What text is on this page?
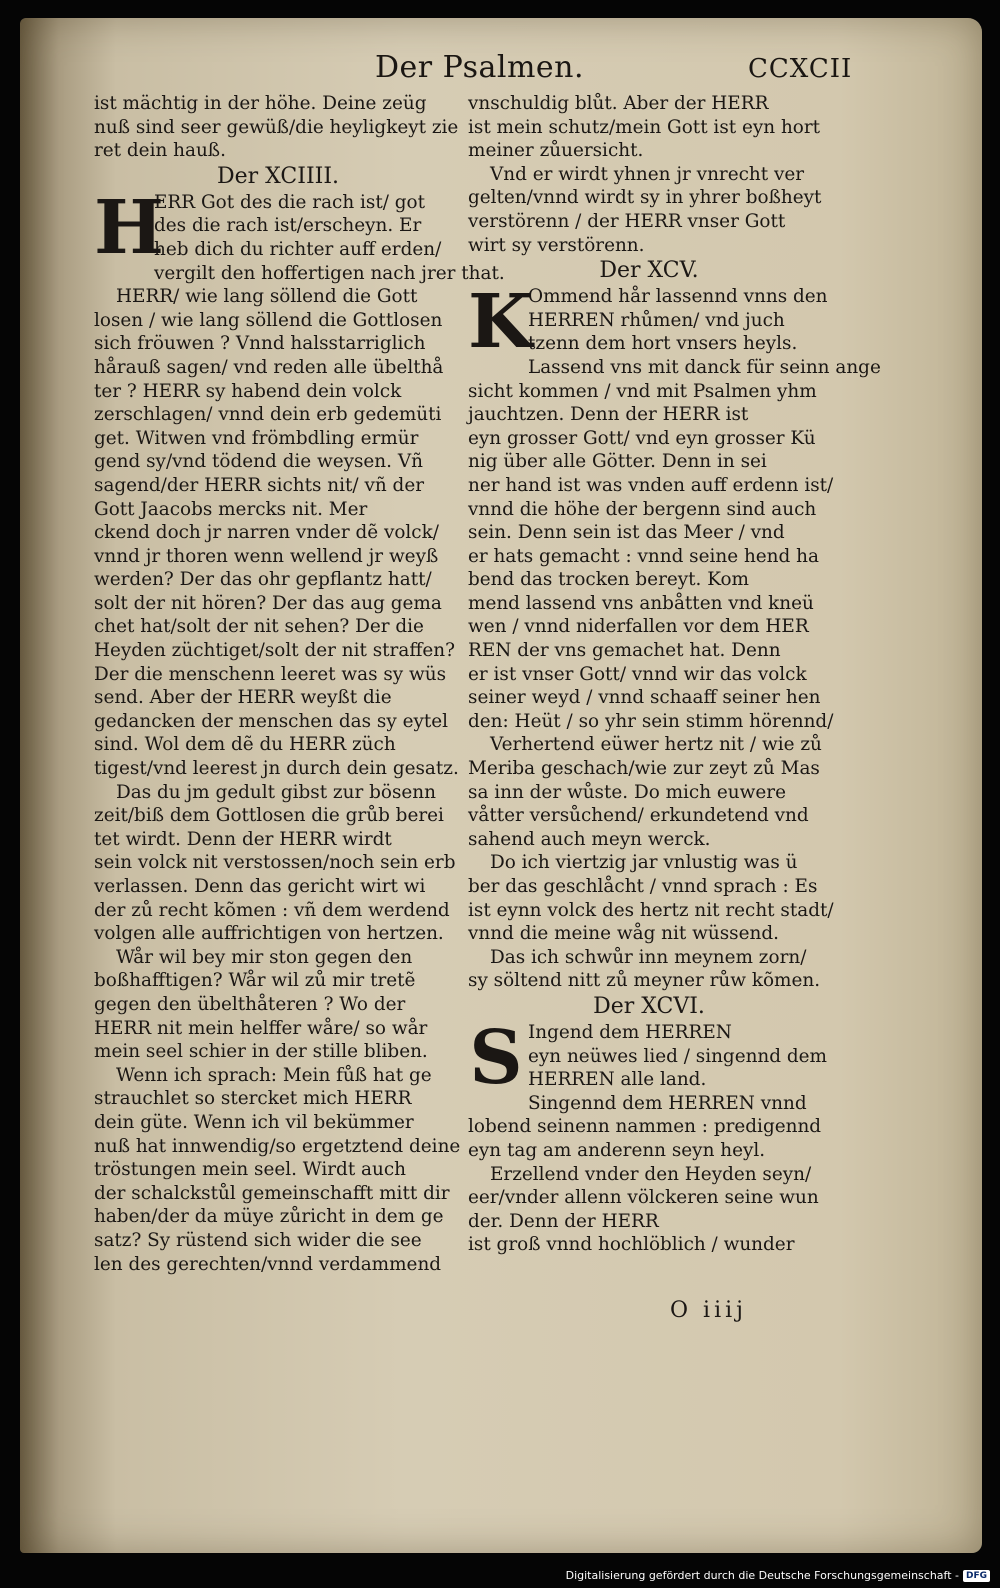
Der Psalmen.	CCXCII

ist mächtig in der höhe. Deine zeüg

nuß sind seer gewüß/die heyligkeyt zie

ret dein hauß.

Der XCIIII.

H

ERR Got des die rach ist/ got

des die rach ist/erscheyn. Er

heb dich du richter auff erden/

vergilt den hoffertigen nach jrer that.

HERR/ wie lang söllend die Gott

losen / wie lang söllend die Gottlosen

sich fröuwen ? Vnnd halsstarriglich

hårauß sagen/ vnd reden alle übelthå

ter ? HERR sy habend dein volck

zerschlagen/ vnnd dein erb gedemüti

get. Witwen vnd frömbdling ermür

gend sy/vnd tödend die weysen. Vñ

sagend/der HERR sichts nit/ vñ der

Gott Jaacobs mercks nit. Mer

ckend doch jr narren vnder dẽ volck/

vnnd jr thoren wenn wellend jr weyß

werden? Der das ohr gepflantz hatt/

solt der nit hören? Der das aug gema

chet hat/solt der nit sehen? Der die

Heyden züchtiget/solt der nit straffen?

Der die menschenn leeret was sy wüs

send. Aber der HERR weyßt die

gedancken der menschen das sy eytel

sind. Wol dem dẽ du HERR züch

tigest/vnd leerest jn durch dein gesatz.

Das du jm gedult gibst zur bösenn

zeit/biß dem Gottlosen die grůb berei

tet wirdt. Denn der HERR wirdt

sein volck nit verstossen/noch sein erb

verlassen. Denn das gericht wirt wi

der zů recht kõmen : vñ dem werdend

volgen alle auffrichtigen von hertzen.

Wår wil bey mir ston gegen den

boßhafftigen? Wår wil zů mir tretẽ

gegen den übelthåteren ? Wo der

HERR nit mein helffer wåre/ so wår

mein seel schier in der stille bliben.

Wenn ich sprach: Mein fůß hat ge

strauchlet so stercket mich HERR

dein güte. Wenn ich vil bekümmer

nuß hat innwendig/so ergetztend deine

tröstungen mein seel. Wirdt auch

der schalckstůl gemeinschafft mitt dir

haben/der da müye zůricht in dem ge

satz? Sy rüstend sich wider die see

len des gerechten/vnnd verdammend

vnschuldig blůt. Aber der HERR

ist mein schutz/mein Gott ist eyn hort

meiner zůuersicht.

Vnd er wirdt yhnen jr vnrecht ver

gelten/vnnd wirdt sy in yhrer boßheyt

verstörenn / der HERR vnser Gott

wirt sy verstörenn.

Der XCV.

K

Ommend hår lassennd vnns den

HERREN rhůmen/ vnd juch

tzenn dem hort vnsers heyls.

Lassend vns mit danck für seinn ange

sicht kommen / vnd mit Psalmen yhm

jauchtzen. Denn der HERR ist

eyn grosser Gott/ vnd eyn grosser Kü

nig über alle Götter. Denn in sei

ner hand ist was vnden auff erdenn ist/

vnnd die höhe der bergenn sind auch

sein. Denn sein ist das Meer / vnd

er hats gemacht : vnnd seine hend ha

bend das trocken bereyt. Kom

mend lassend vns anbåtten vnd kneü

wen / vnnd niderfallen vor dem HER

REN der vns gemachet hat. Denn

er ist vnser Gott/ vnnd wir das volck

seiner weyd / vnnd schaaff seiner hen

den: Heüt / so yhr sein stimm hörennd/

Verhertend eüwer hertz nit / wie zů

Meriba geschach/wie zur zeyt zů Mas

sa inn der wůste. Do mich euwere

våtter versůchend/ erkundetend vnd

sahend auch meyn werck.

Do ich viertzig jar vnlustig was ü

ber das geschlåcht / vnnd sprach : Es

ist eynn volck des hertz nit recht stadt/

vnnd die meine wåg nit wüssend.

Das ich schwůr inn meynem zorn/

sy söltend nitt zů meyner růw kõmen.

Der XCVI.

S Ingend dem HERREN

eyn neüwes lied / singennd dem

HERREN alle land.

Singennd dem HERREN vnnd

lobend seinenn nammen : predigennd

eyn tag am anderenn seyn heyl.

Erzellend vnder den Heyden seyn/

eer/vnder allenn völckeren seine wun

der. Denn der HERR

ist groß vnnd hochlöblich / wunder

O iiij
Digitalisierung gefördert durch die Deutsche Forschungsgemeinschaft - DFG
